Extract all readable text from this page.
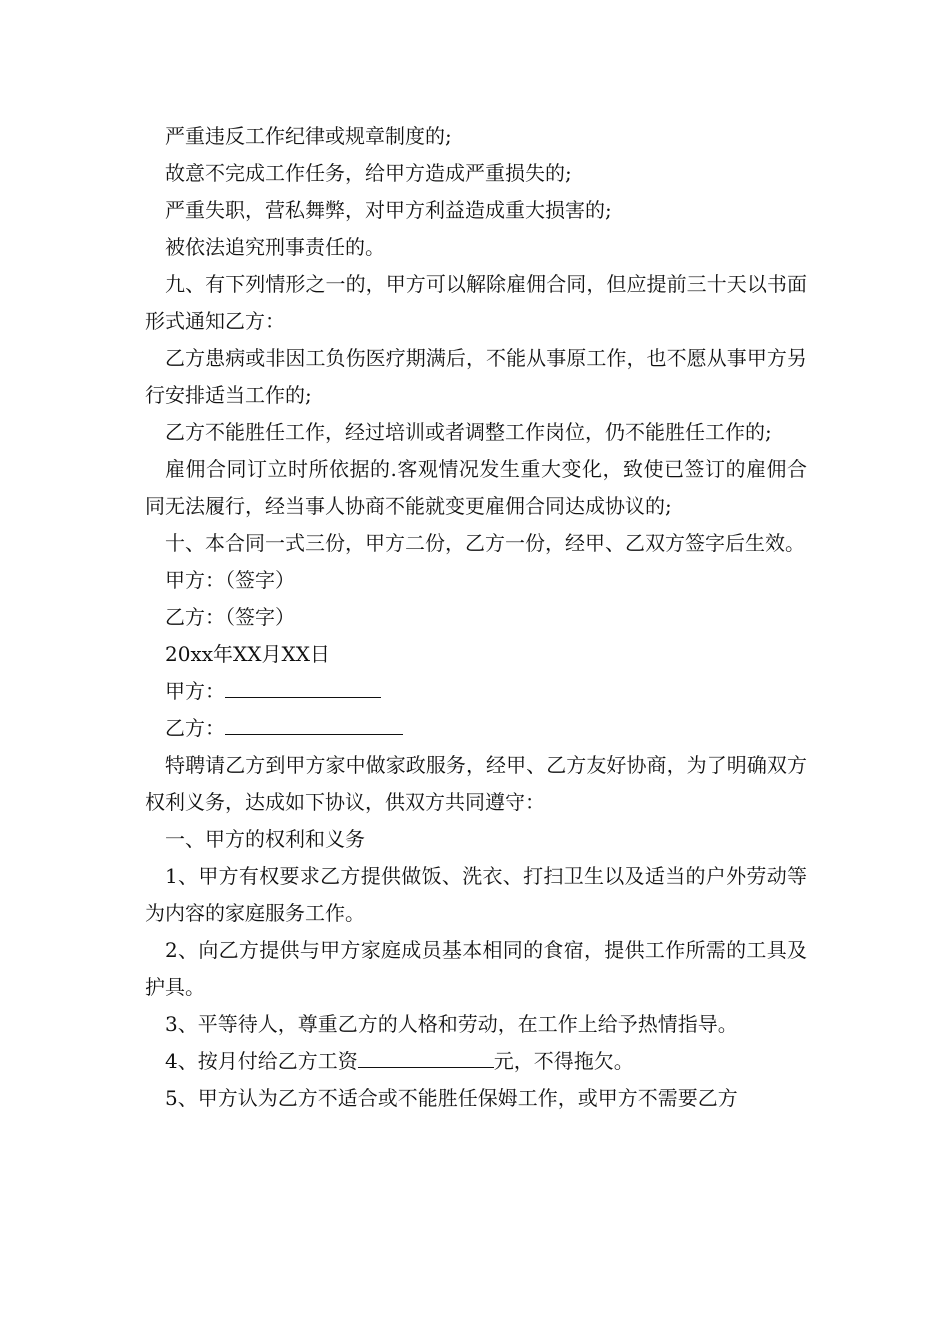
严重违反工作纪律或规章制度的;

故意不完成工作任务，给甲方造成严重损失的;

严重失职，营私舞弊，对甲方利益造成重大损害的;

被依法追究刑事责任的。

九、有下列情形之一的，甲方可以解除雇佣合同，但应提前三十天以书面形式通知乙方：

乙方患病或非因工负伤医疗期满后，不能从事原工作，也不愿从事甲方另行安排适当工作的;

乙方不能胜任工作，经过培训或者调整工作岗位，仍不能胜任工作的;

雇佣合同订立时所依据的.客观情况发生重大变化，致使已签订的雇佣合同无法履行，经当事人协商不能就变更雇佣合同达成协议的;

十、本合同一式三份，甲方二份，乙方一份，经甲、乙双方签字后生效。

甲方：（签字）

乙方：（签字）

20xx年XX月XX日

甲方：

乙方：

特聘请乙方到甲方家中做家政服务，经甲、乙方友好协商，为了明确双方权利义务，达成如下协议，供双方共同遵守：

一、甲方的权利和义务

1、甲方有权要求乙方提供做饭、洗衣、打扫卫生以及适当的户外劳动等为内容的家庭服务工作。

2、向乙方提供与甲方家庭成员基本相同的食宿，提供工作所需的工具及护具。

3、平等待人，尊重乙方的人格和劳动，在工作上给予热情指导。

4、按月付给乙方工资	元，不得拖欠。

5、甲方认为乙方不适合或不能胜任保姆工作，或甲方不需要乙方
